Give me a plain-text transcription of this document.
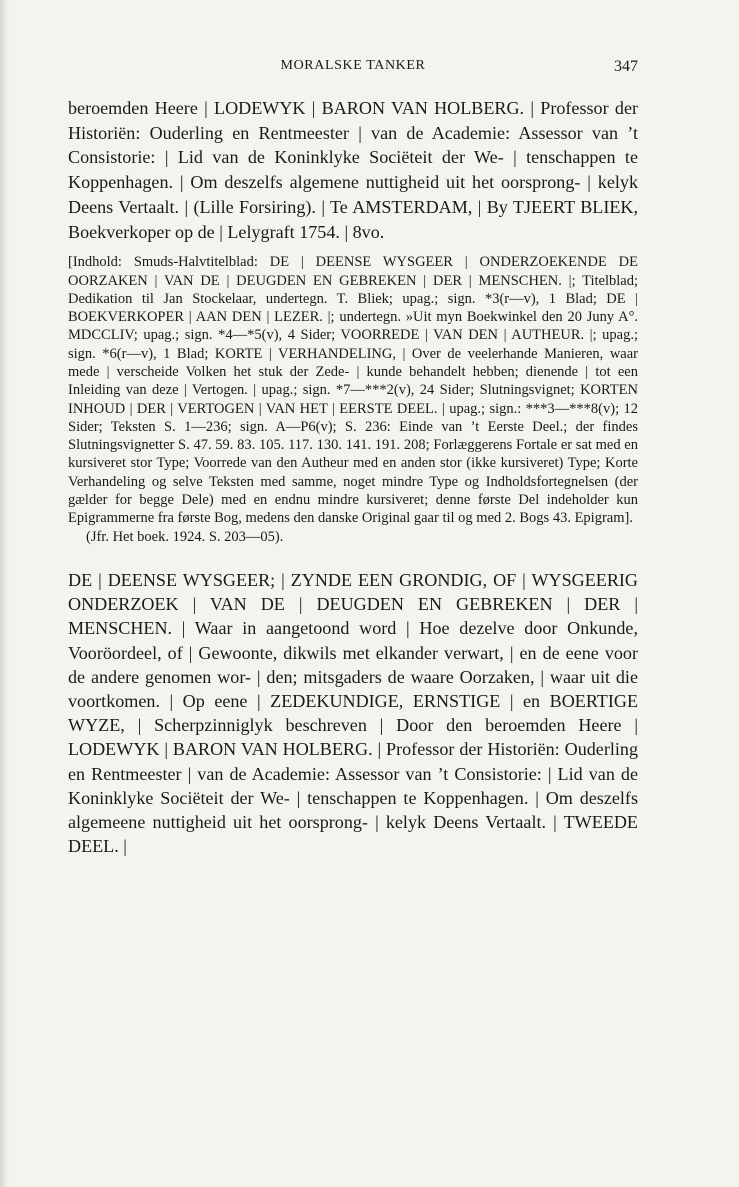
MORALSKE TANKER	347

beroemden Heere | LODEWYK | BARON VAN HOLBERG. | Professor der Historiën: Ouderling en Rentmeester | van de Academie: Assessor van ’t Consistorie: | Lid van de Koninklyke Sociëteit der We- | tenschappen te Koppenhagen. | Om deszelfs algemene nuttigheid uit het oorsprong- | kelyk Deens Vertaalt. | (Lille Forsiring). | Te AMSTERDAM, | By TJEERT BLIEK, Boekverkoper op de | Lelygraft 1754. | 8vo.

[Indhold: Smuds-Halvtitelblad: DE | DEENSE WYSGEER | ONDERZOEKENDE DE OORZAKEN | VAN DE | DEUGDEN EN GEBREKEN | DER | MENSCHEN. |; Titelblad; Dedikation til Jan Stockelaar, undertegn. T. Bliek; upag.; sign. *3(r—v), 1 Blad; DE | BOEKVERKOPER | AAN DEN | LEZER. |; undertegn. »Uit myn Boekwinkel den 20 Juny A°. MDCCLIV; upag.; sign. *4—*5(v), 4 Sider; VOORREDE | VAN DEN | AUTHEUR. |; upag.; sign. *6(r—v), 1 Blad; KORTE | VERHANDELING, | Over de veelerhande Manieren, waar mede | verscheide Volken het stuk der Zede- | kunde behandelt hebben; dienende | tot een Inleiding van deze | Vertogen. | upag.; sign. *7—***2(v), 24 Sider; Slutningsvignet; KORTEN INHOUD | DER | VERTOGEN | VAN HET | EERSTE DEEL. | upag.; sign.: ***3—***8(v); 12 Sider; Teksten S. 1—236; sign. A—P6(v); S. 236: Einde van ’t Eerste Deel.; der findes Slutningsvignetter S. 47. 59. 83. 105. 117. 130. 141. 191. 208; Forlæggerens Fortale er sat med en kursiveret stor Type; Voorrede van den Autheur med en anden stor (ikke kursiveret) Type; Korte Verhandeling og selve Teksten med samme, noget mindre Type og Indholdsfortegnelsen (der gælder for begge Dele) med en endnu mindre kursiveret; denne første Del indeholder kun Epigrammerne fra første Bog, medens den danske Original gaar til og med 2. Bogs 43. Epigram].

(Jfr. Het boek. 1924. S. 203—05).

DE | DEENSE WYSGEER; | ZYNDE EEN GRONDIG, OF | WYSGEERIG ONDERZOEK | VAN DE | DEUGDEN EN GEBREKEN | DER | MENSCHEN. | Waar in aangetoond word | Hoe dezelve door Onkunde, Vooröordeel, of | Gewoonte, dikwils met elkander verwart, | en de eene voor de andere genomen wor- | den; mitsgaders de waare Oorzaken, | waar uit die voortkomen. | Op eene | ZEDEKUNDIGE, ERNSTIGE | en BOERTIGE WYZE, | Scherpzinniglyk beschreven | Door den beroemden Heere | LODEWYK | BARON VAN HOLBERG. | Professor der Historiën: Ouderling en Rentmeester | van de Academie: Assessor van ’t Consistorie: | Lid van de Koninklyke Sociëteit der We- | tenschappen te Koppenhagen. | Om deszelfs algemeene nuttigheid uit het oorsprong- | kelyk Deens Vertaalt. | TWEEDE DEEL. |
